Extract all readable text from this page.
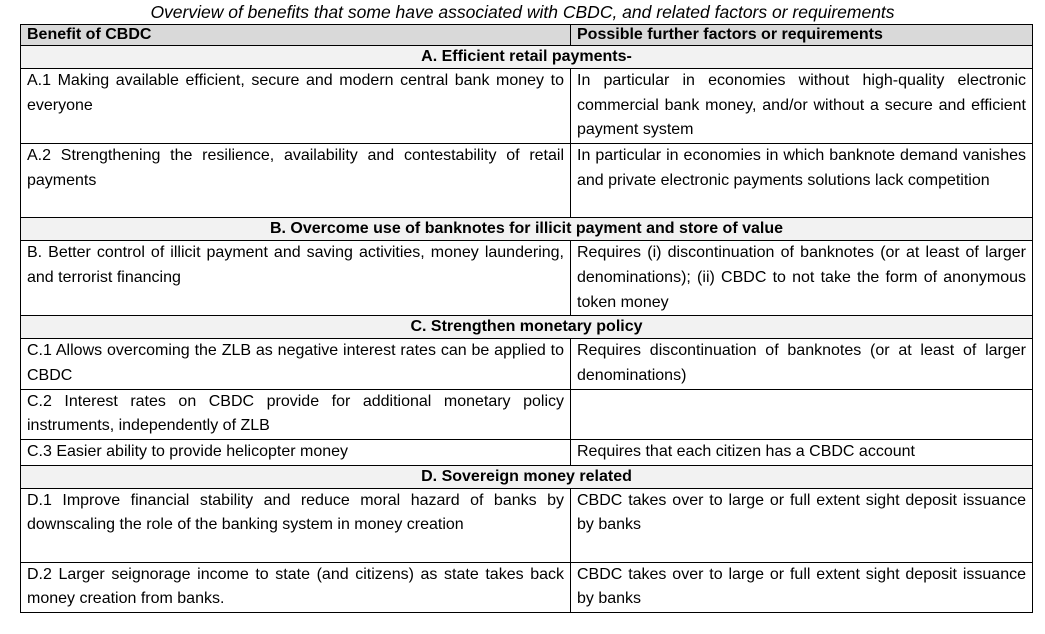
Overview of benefits that some have associated with CBDC, and related factors or requirements
Benefit of CBDC	Possible further factors or requirements
A. Efficient retail payments-	
A.1 Making available efficient, secure and modern central bank money to everyone	In particular in economies without high-quality electronic commercial bank money, and/or without a secure and efficient payment system
A.2 Strengthening the resilience, availability and contestability of retail payments	In particular in economies in which banknote demand vanishes and private electronic payments solutions lack competition
B. Overcome use of banknotes for illicit payment and store of value	
B. Better control of illicit payment and saving activities, money laundering, and terrorist financing	Requires (i) discontinuation of banknotes (or at least of larger denominations); (ii) CBDC to not take the form of anonymous token money
C. Strengthen monetary policy	
C.1 Allows overcoming the ZLB as negative interest rates can be applied to CBDC	Requires discontinuation of banknotes (or at least of larger denominations)
C.2 Interest rates on CBDC provide for additional monetary policy instruments, independently of ZLB	
C.3 Easier ability to provide helicopter money	Requires that each citizen has a CBDC account
D. Sovereign money related	
D.1 Improve financial stability and reduce moral hazard of banks by downscaling the role of the banking system in money creation	CBDC takes over to large or full extent sight deposit issuance by banks
D.2 Larger seignorage income to state (and citizens) as state takes back money creation from banks.	CBDC takes over to large or full extent sight deposit issuance by banks
